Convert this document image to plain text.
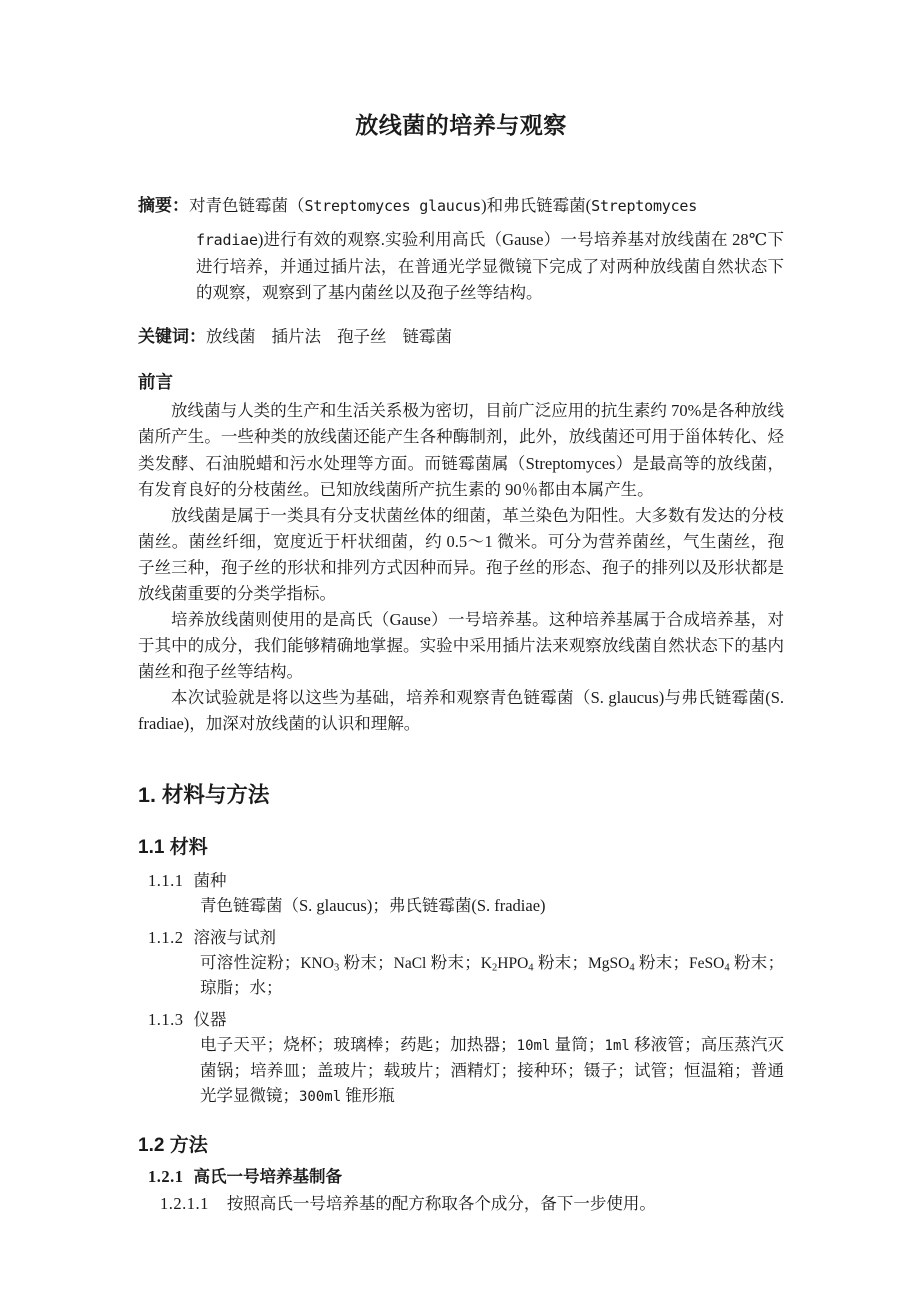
放线菌的培养与观察
摘要：对青色链霉菌（Streptomyces glaucus)和弗氏链霉菌(Streptomyces
fradiae)进行有效的观察.实验利用高氏（Gause）一号培养基对放线菌在 28℃下进行培养，并通过插片法，在普通光学显微镜下完成了对两种放线菌自然状态下的观察，观察到了基内菌丝以及孢子丝等结构。
关键词：放线菌 插片法 孢子丝 链霉菌
前言

放线菌与人类的生产和生活关系极为密切，目前广泛应用的抗生素约 70%是各种放线菌所产生。一些种类的放线菌还能产生各种酶制剂，此外，放线菌还可用于甾体转化、烃类发酵、石油脱蜡和污水处理等方面。而链霉菌属（Streptomyces）是最高等的放线菌，有发育良好的分枝菌丝。已知放线菌所产抗生素的 90％都由本属产生。

放线菌是属于一类具有分支状菌丝体的细菌，革兰染色为阳性。大多数有发达的分枝菌丝。菌丝纤细，宽度近于杆状细菌，约 0.5～1 微米。可分为营养菌丝，气生菌丝，孢子丝三种，孢子丝的形状和排列方式因种而异。孢子丝的形态、孢子的排列以及形状都是放线菌重要的分类学指标。

培养放线菌则使用的是高氏（Gause）一号培养基。这种培养基属于合成培养基，对于其中的成分，我们能够精确地掌握。实验中采用插片法来观察放线菌自然状态下的基内菌丝和孢子丝等结构。

本次试验就是将以这些为基础，培养和观察青色链霉菌（S. glaucus)与弗氏链霉菌(S. fradiae)，加深对放线菌的认识和理解。

1. 材料与方法
1.1 材料
1.1.1 菌种

青色链霉菌（S. glaucus)；弗氏链霉菌(S. fradiae)

1.1.2 溶液与试剂

可溶性淀粉；$KNO_3$ 粉末；NaCl 粉末；$K_2HPO_4$ 粉末；MgSO$_4$ 粉末；FeSO$_4$ 粉末；琼脂；水；

1.1.3 仪器

电子天平；烧杯；玻璃棒；药匙；加热器；10ml 量筒；1ml 移液管；高压蒸汽灭菌锅；培养皿；盖玻片；载玻片；酒精灯；接种环；镊子；试管；恒温箱；普通光学显微镜；300ml 锥形瓶

1.2 方法
1.2.1 高氏一号培养基制备
1.2.1.1 按照高氏一号培养基的配方称取各个成分，备下一步使用。
